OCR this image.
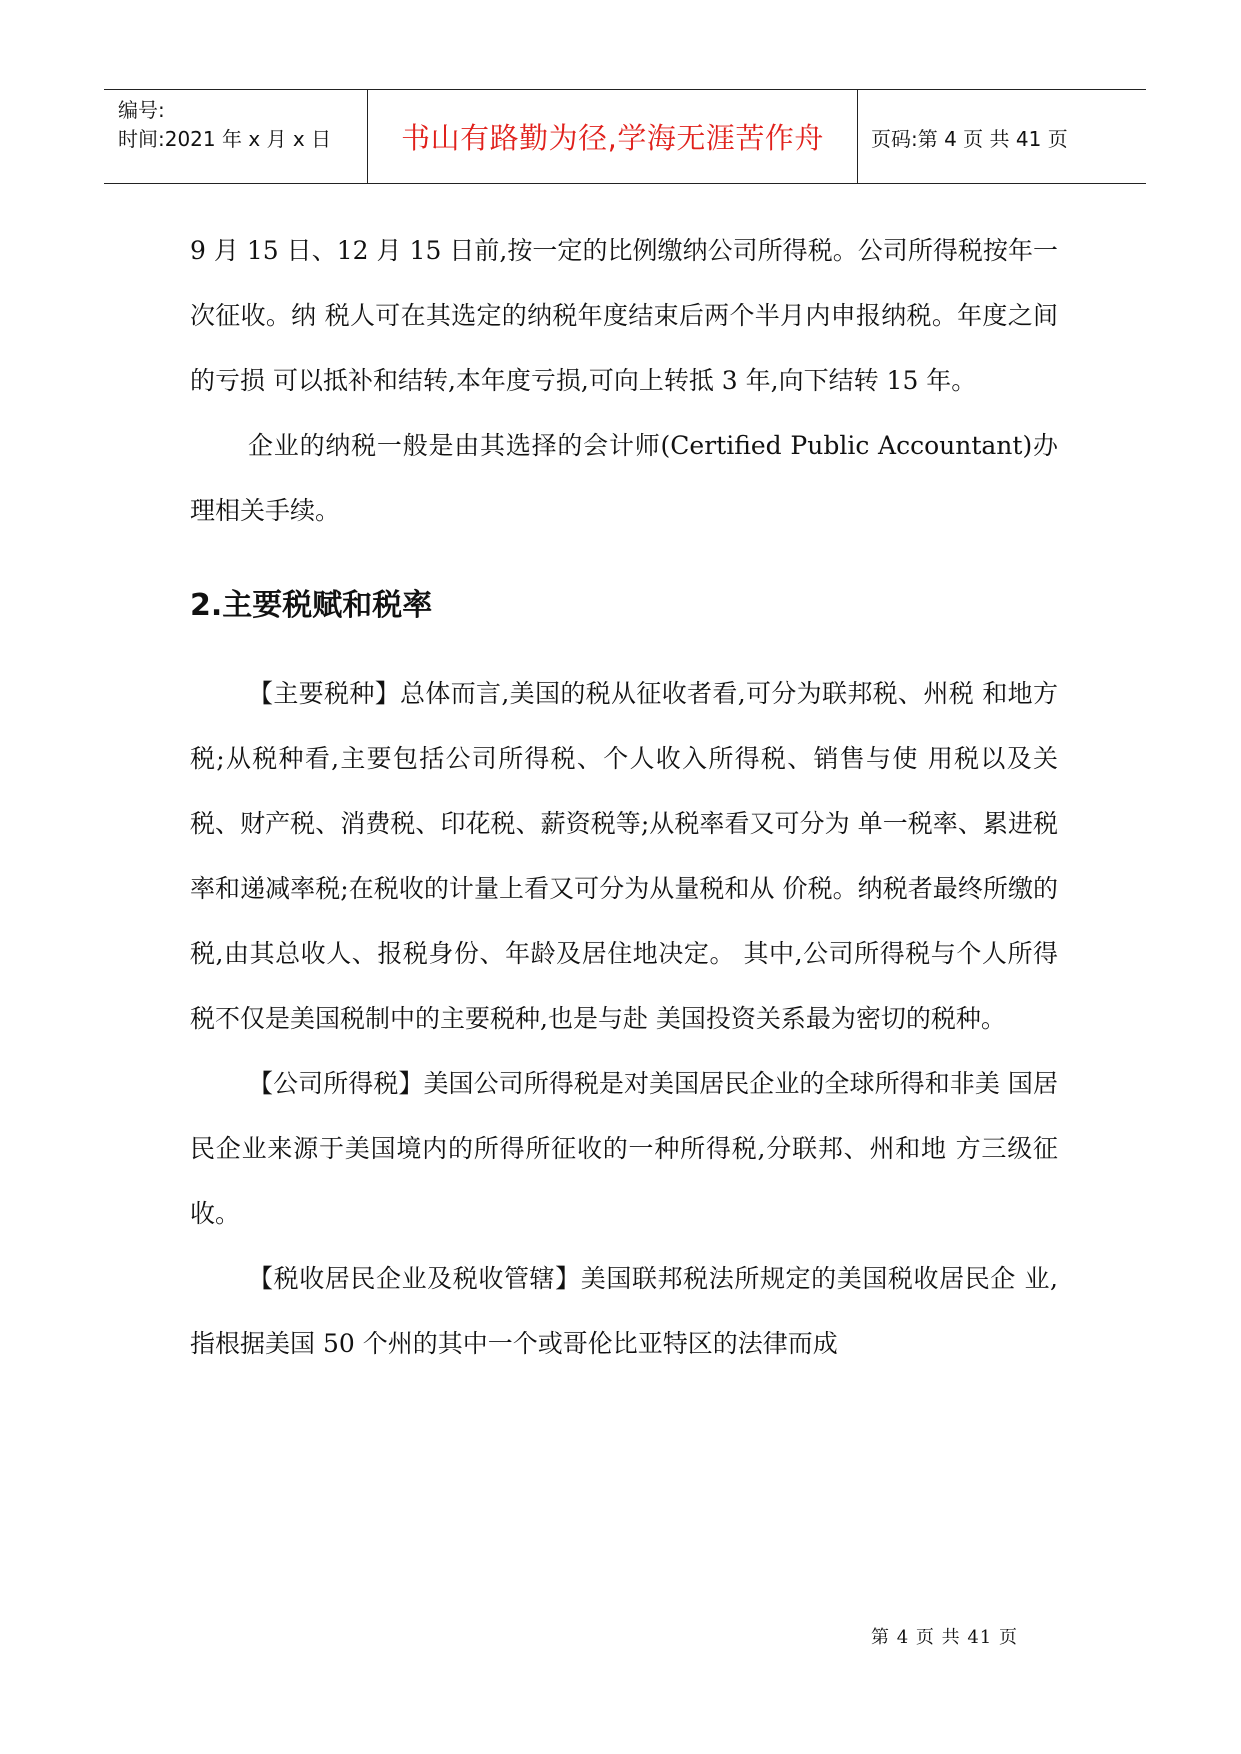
编号:
时间:2021 年 x 月 x 日	书山有路勤为径,学海无涯苦作舟	页码:第 4 页 共 41 页

9 月 15 日、12 月 15 日前,按一定的比例缴纳公司所得税。公司所得税按年一次征收。纳 税人可在其选定的纳税年度结束后两个半月内申报纳税。年度之间的亏损 可以抵补和结转,本年度亏损,可向上转抵 3 年,向下结转 15 年。

企业的纳税一般是由其选择的会计师(Certified Public Accountant)办理相关手续。

2.主要税赋和税率

【主要税种】总体而言,美国的税从征收者看,可分为联邦税、州税 和地方税;从税种看,主要包括公司所得税、个人收入所得税、销售与使 用税以及关税、财产税、消费税、印花税、薪资税等;从税率看又可分为 单一税率、累进税率和递减率税;在税收的计量上看又可分为从量税和从 价税。纳税者最终所缴的税,由其总收人、报税身份、年龄及居住地决定。 其中,公司所得税与个人所得税不仅是美国税制中的主要税种,也是与赴 美国投资关系最为密切的税种。

【公司所得税】美国公司所得税是对美国居民企业的全球所得和非美 国居民企业来源于美国境内的所得所征收的一种所得税,分联邦、州和地 方三级征收。

【税收居民企业及税收管辖】美国联邦税法所规定的美国税收居民企 业,指根据美国 50 个州的其中一个或哥伦比亚特区的法律而成

第 4 页 共 41 页
